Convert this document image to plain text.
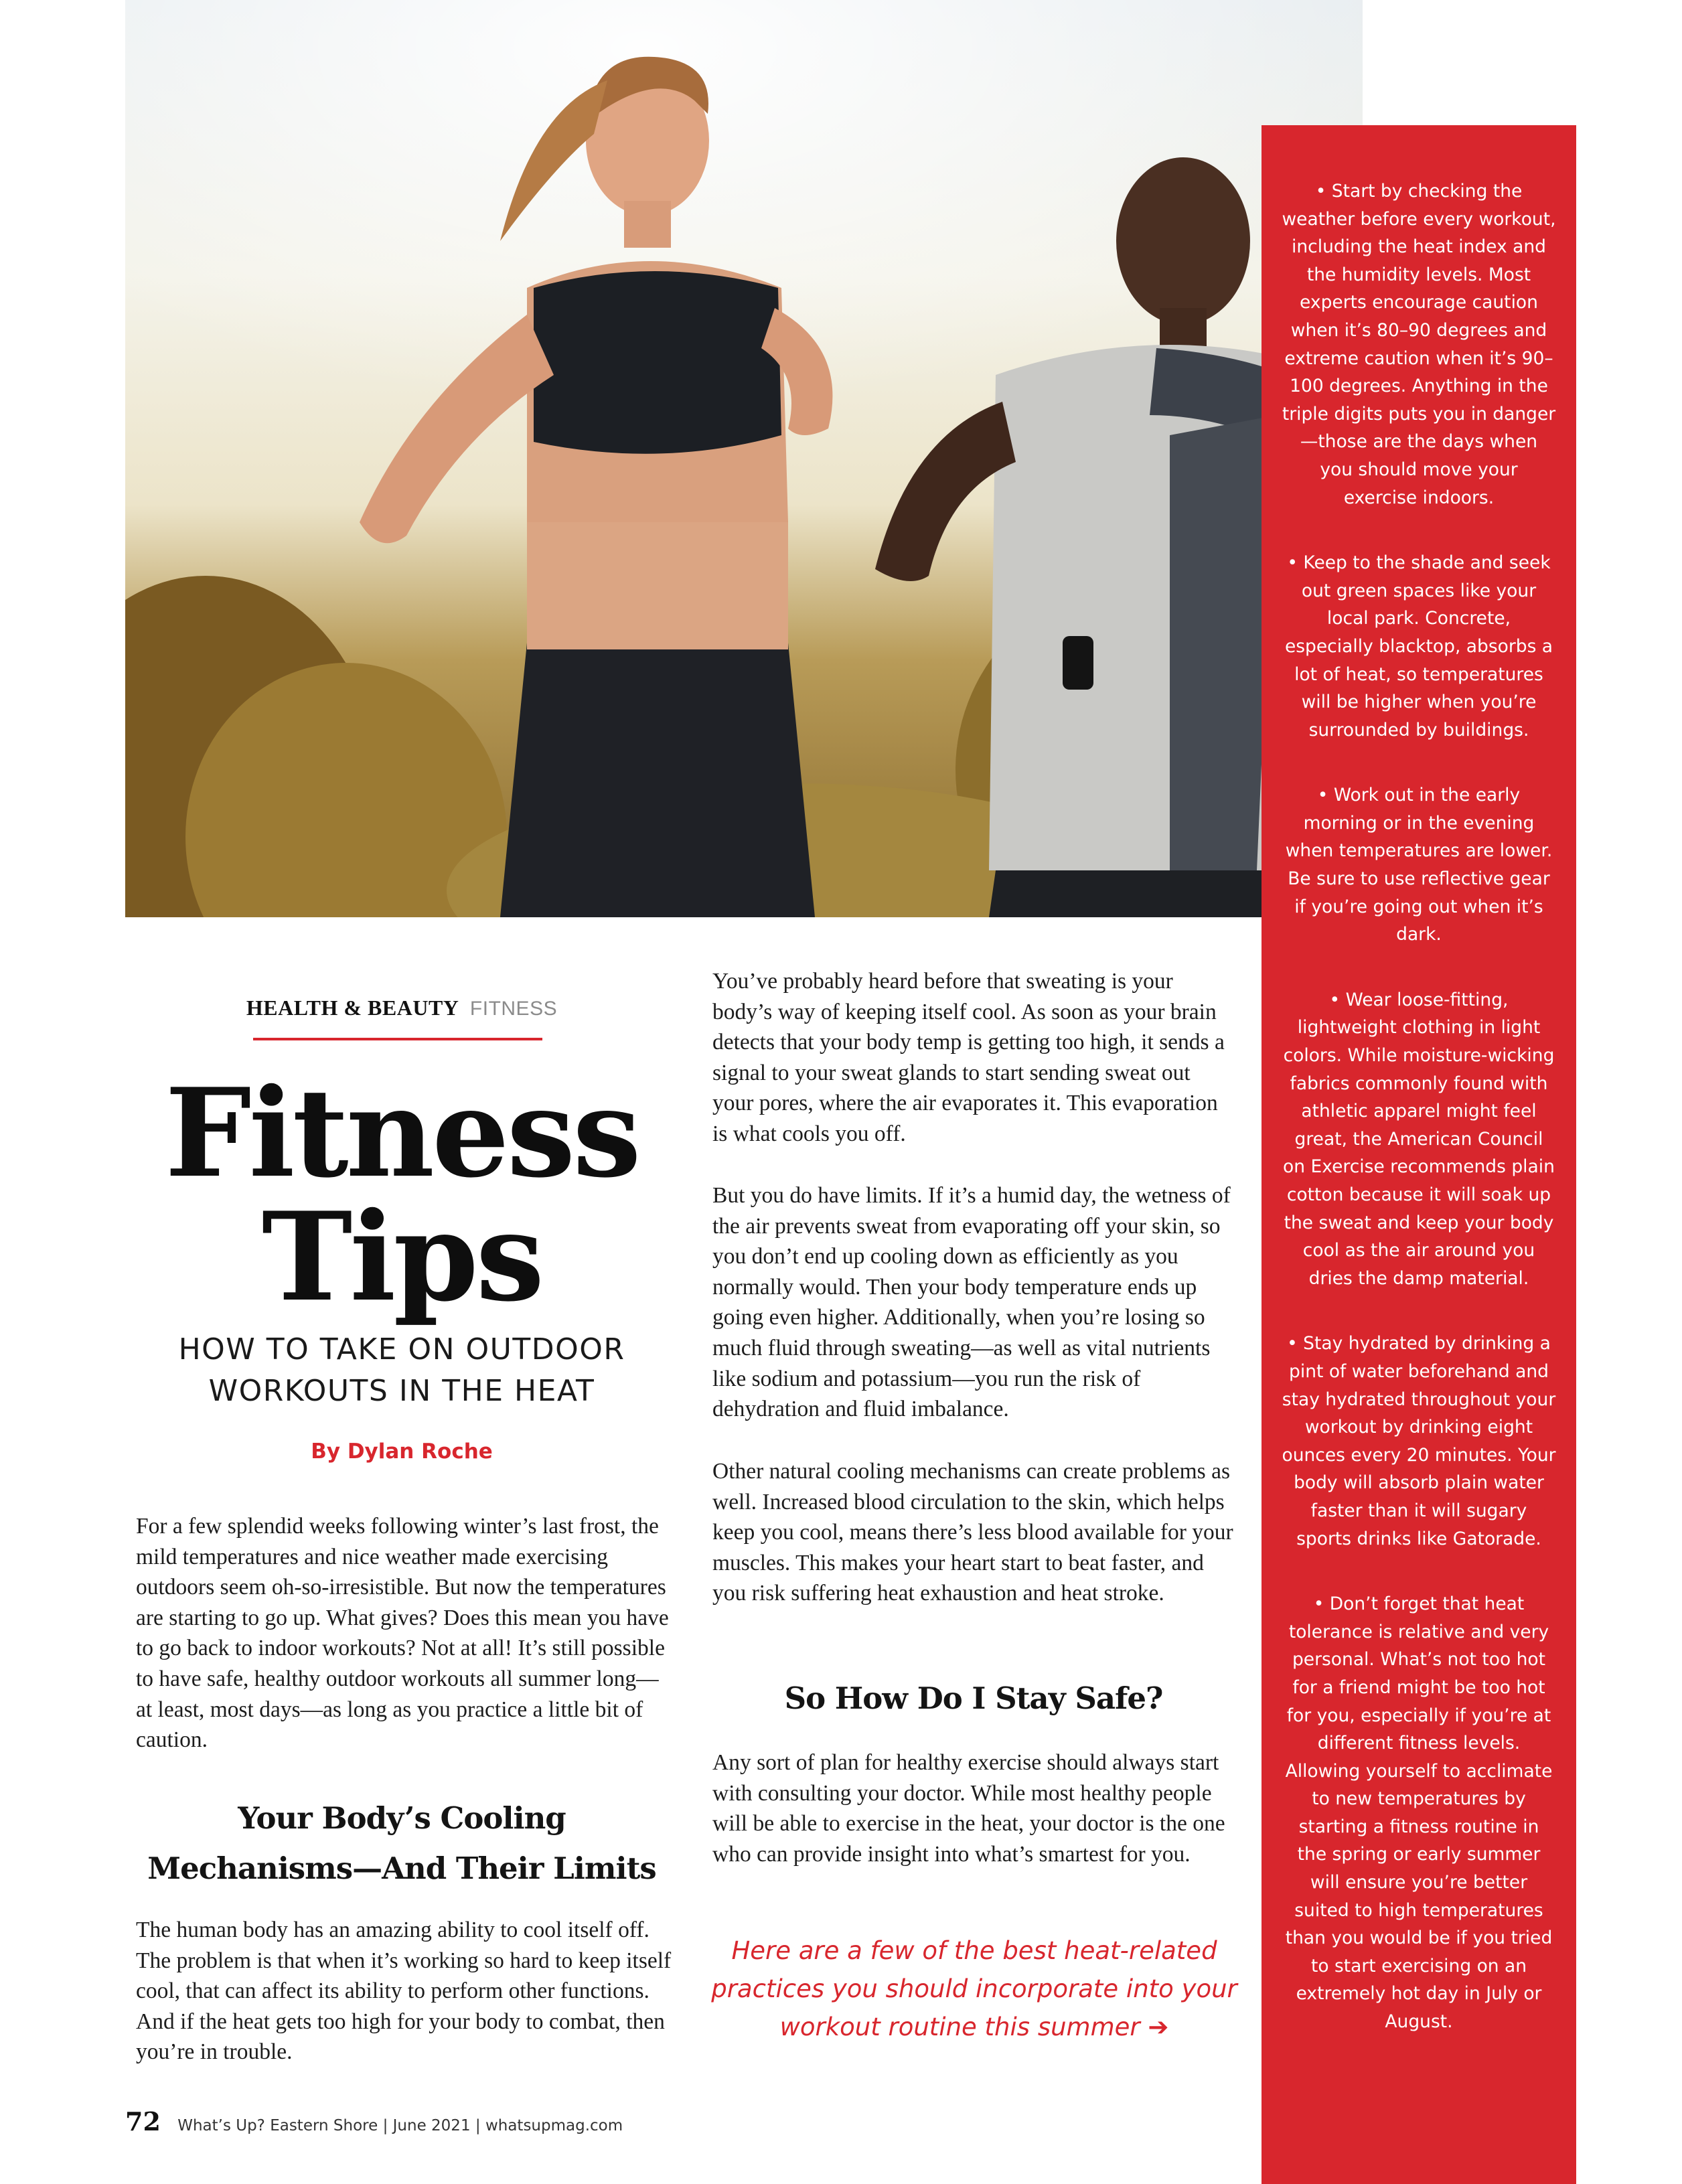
• Start by checking the weather before every workout, including the heat index and the humidity levels. Most experts encourage caution when it’s 80–90 degrees and extreme caution when it’s 90–100 degrees. Anything in the triple digits puts you in danger—those are the days when you should move your exercise indoors.

• Keep to the shade and seek out green spaces like your local park. Concrete, especially blacktop, absorbs a lot of heat, so temperatures will be higher when you’re surrounded by buildings.

• Work out in the early morning or in the evening when temperatures are lower. Be sure to use reflective gear if you’re going out when it’s dark.

• Wear loose-fitting, lightweight clothing in light colors. While moisture-wicking fabrics commonly found with athletic apparel might feel great, the American Council on Exercise recommends plain cotton because it will soak up the sweat and keep your body cool as the air around you dries the damp material.

• Stay hydrated by drinking a pint of water beforehand and stay hydrated throughout your workout by drinking eight ounces every 20 minutes. Your body will absorb plain water faster than it will sugary sports drinks like Gatorade.

• Don’t forget that heat tolerance is relative and very personal. What’s not too hot for a friend might be too hot for you, especially if you’re at different fitness levels. Allowing yourself to acclimate to new temperatures by starting a fitness routine in the spring or early summer will ensure you’re better suited to high temperatures than you would be if you tried to start exercising on an extremely hot day in July or August.

HEALTH & BEAUTY FITNESS
Fitness
Tips
HOW TO TAKE ON OUTDOOR
WORKOUTS IN THE HEAT
By Dylan Roche

For a few splendid weeks following winter’s last frost, the mild temperatures and nice weather made exercising outdoors seem oh-so-irresistible. But now the temperatures are starting to go up. What gives? Does this mean you have to go back to indoor workouts? Not at all! It’s still possible to have safe, healthy outdoor workouts all summer long—at least, most days—as long as you practice a little bit of caution.

Your Body’s Cooling
Mechanisms—And Their Limits

The human body has an amazing ability to cool itself off. The problem is that when it’s working so hard to keep itself cool, that can affect its ability to perform other functions. And if the heat gets too high for your body to combat, then you’re in trouble.

You’ve probably heard before that sweating is your body’s way of keeping itself cool. As soon as your brain detects that your body temp is getting too high, it sends a signal to your sweat glands to start sending sweat out your pores, where the air evaporates it. This evaporation is what cools you off.

But you do have limits. If it’s a humid day, the wetness of the air prevents sweat from evaporating off your skin, so you don’t end up cooling down as efficiently as you normally would. Then your body temperature ends up going even higher. Additionally, when you’re losing so much fluid through sweating—as well as vital nutrients like sodium and potassium—you run the risk of dehydration and fluid imbalance.

Other natural cooling mechanisms can create problems as well. Increased blood circulation to the skin, which helps keep you cool, means there’s less blood available for your muscles. This makes your heart start to beat faster, and you risk suffering heat exhaustion and heat stroke.

So How Do I Stay Safe?

Any sort of plan for healthy exercise should always start with consulting your doctor. While most healthy people will be able to exercise in the heat, your doctor is the one who can provide insight into what’s smartest for you.

Here are a few of the best heat-related practices you should incorporate into your workout routine this summer ➔
72 What’s Up? Eastern Shore | June 2021 | whatsupmag.com
